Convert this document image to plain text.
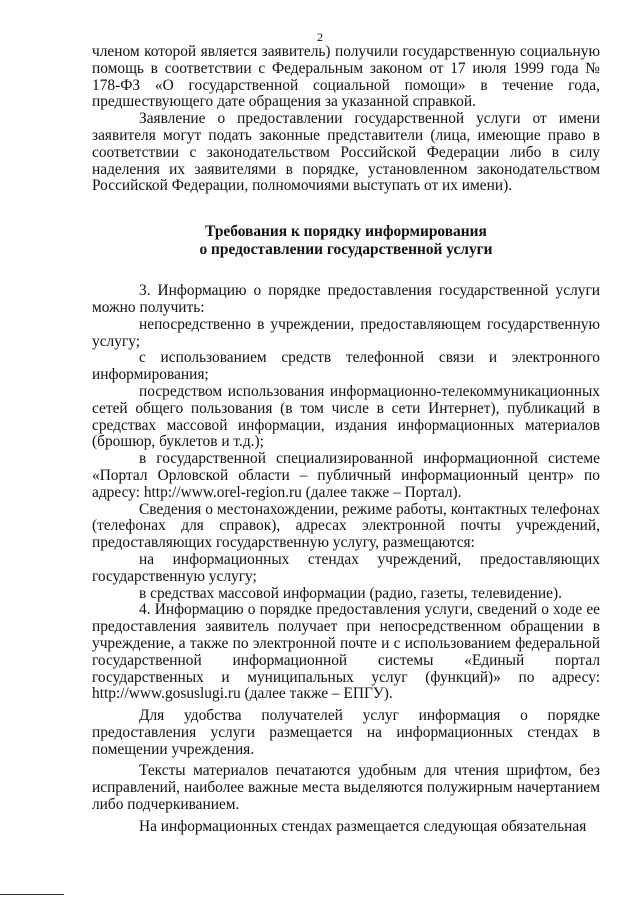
2

членом которой является заявитель) получили государственную социальную помощь в соответствии с Федеральным законом от 17 июля 1999 года № 178-ФЗ «О государственной социальной помощи» в течение года, предшествующего дате обращения за указанной справкой.

Заявление о предоставлении государственной услуги от имени заявителя могут подать законные представители (лица, имеющие право в соответствии с законодательством Российской Федерации либо в силу наделения их заявителями в порядке, установленном законодательством Российской Федерации, полномочиями выступать от их имени).

Требования к порядку информирования
о предоставлении государственной услуги

3. Информацию о порядке предоставления государственной услуги можно получить:

непосредственно в учреждении, предоставляющем государственную услугу;

с использованием средств телефонной связи и электронного информирования;

посредством использования информационно-телекоммуникационных сетей общего пользования (в том числе в сети Интернет), публикаций в средствах массовой информации, издания информационных материалов (брошюр, буклетов и т.д.);

в государственной специализированной информационной системе «Портал Орловской области – публичный информационный центр» по адресу: http://www.orel-region.ru (далее также – Портал).

Сведения о местонахождении, режиме работы, контактных телефонах (телефонах для справок), адресах электронной почты учреждений, предоставляющих государственную услугу, размещаются:

на информационных стендах учреждений, предоставляющих государственную услугу;

в средствах массовой информации (радио, газеты, телевидение).

4. Информацию о порядке предоставления услуги, сведений о ходе ее предоставления заявитель получает при непосредственном обращении в учреждение, а также по электронной почте и с использованием федеральной государственной информационной системы «Единый портал государственных и муниципальных услуг (функций)» по адресу: http://www.gosuslugi.ru (далее также – ЕПГУ).

Для удобства получателей услуг информация о порядке предоставления услуги размещается на информационных стендах в помещении учреждения.

Тексты материалов печатаются удобным для чтения шрифтом, без исправлений, наиболее важные места выделяются полужирным начертанием либо подчеркиванием.

На информационных стендах размещается следующая обязательная
